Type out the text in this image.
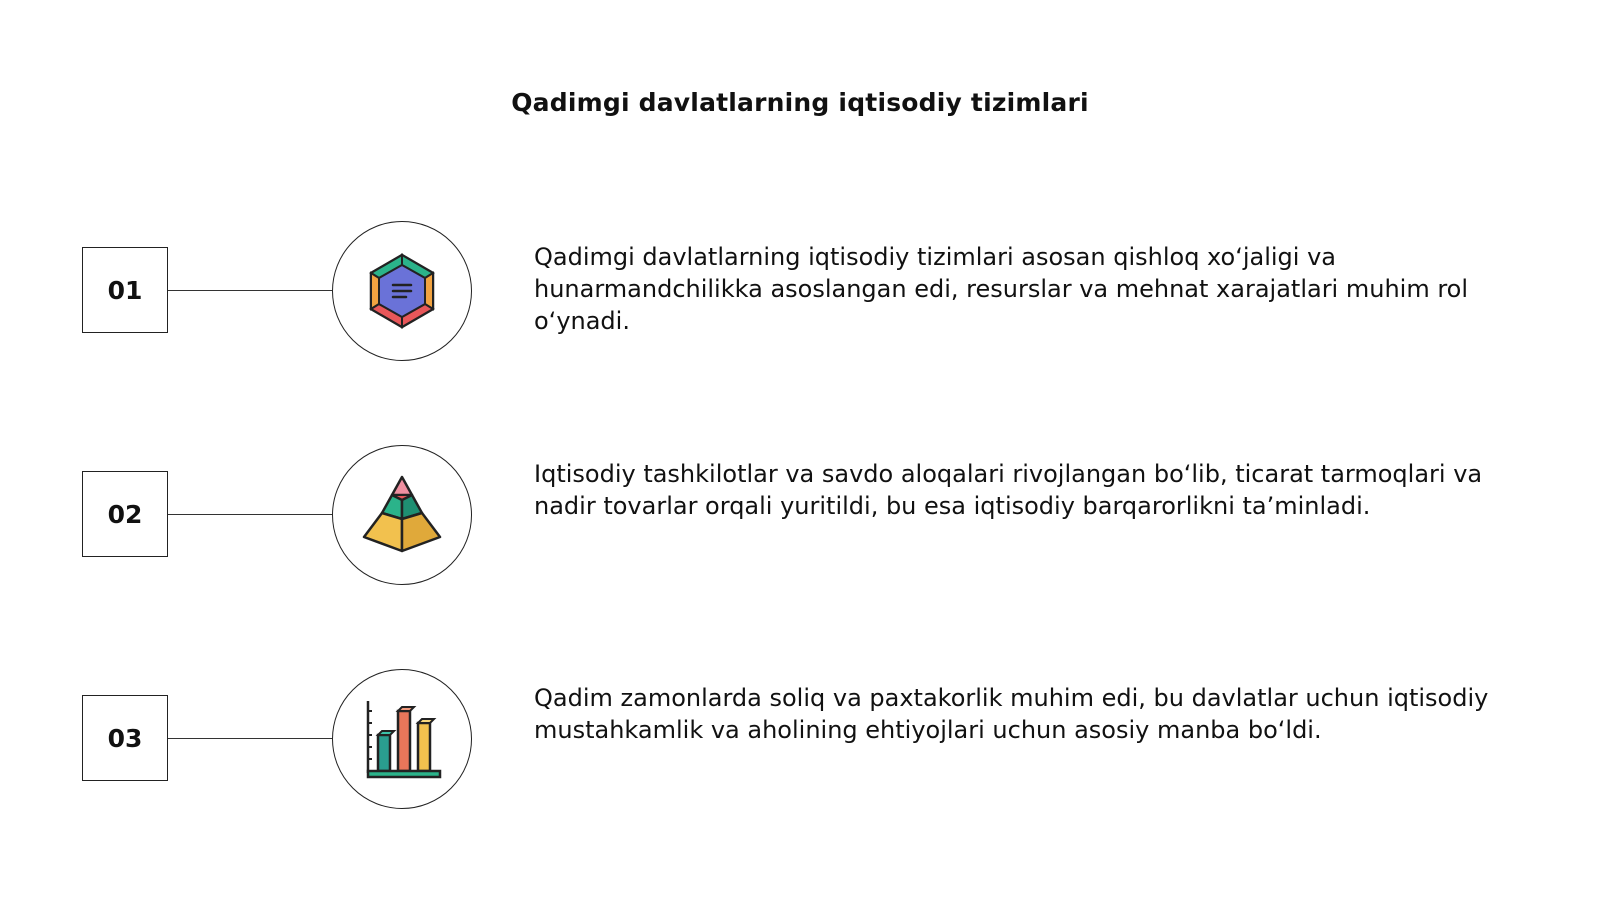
Qadimgi davlatlarning iqtisodiy tizimlari
01
Qadimgi davlatlarning iqtisodiy tizimlari asosan qishloq xo‘jaligi va hunarmandchilikka asoslangan edi, resurslar va mehnat xarajatlari muhim rol o‘ynadi.
02
Iqtisodiy tashkilotlar va savdo aloqalari rivojlangan bo‘lib, ticarat tarmoqlari va nadir tovarlar orqali yuritildi, bu esa iqtisodiy barqarorlikni ta’minladi.
03
Qadim zamonlarda soliq va paxtakorlik muhim edi, bu davlatlar uchun iqtisodiy mustahkamlik va aholining ehtiyojlari uchun asosiy manba bo‘ldi.
